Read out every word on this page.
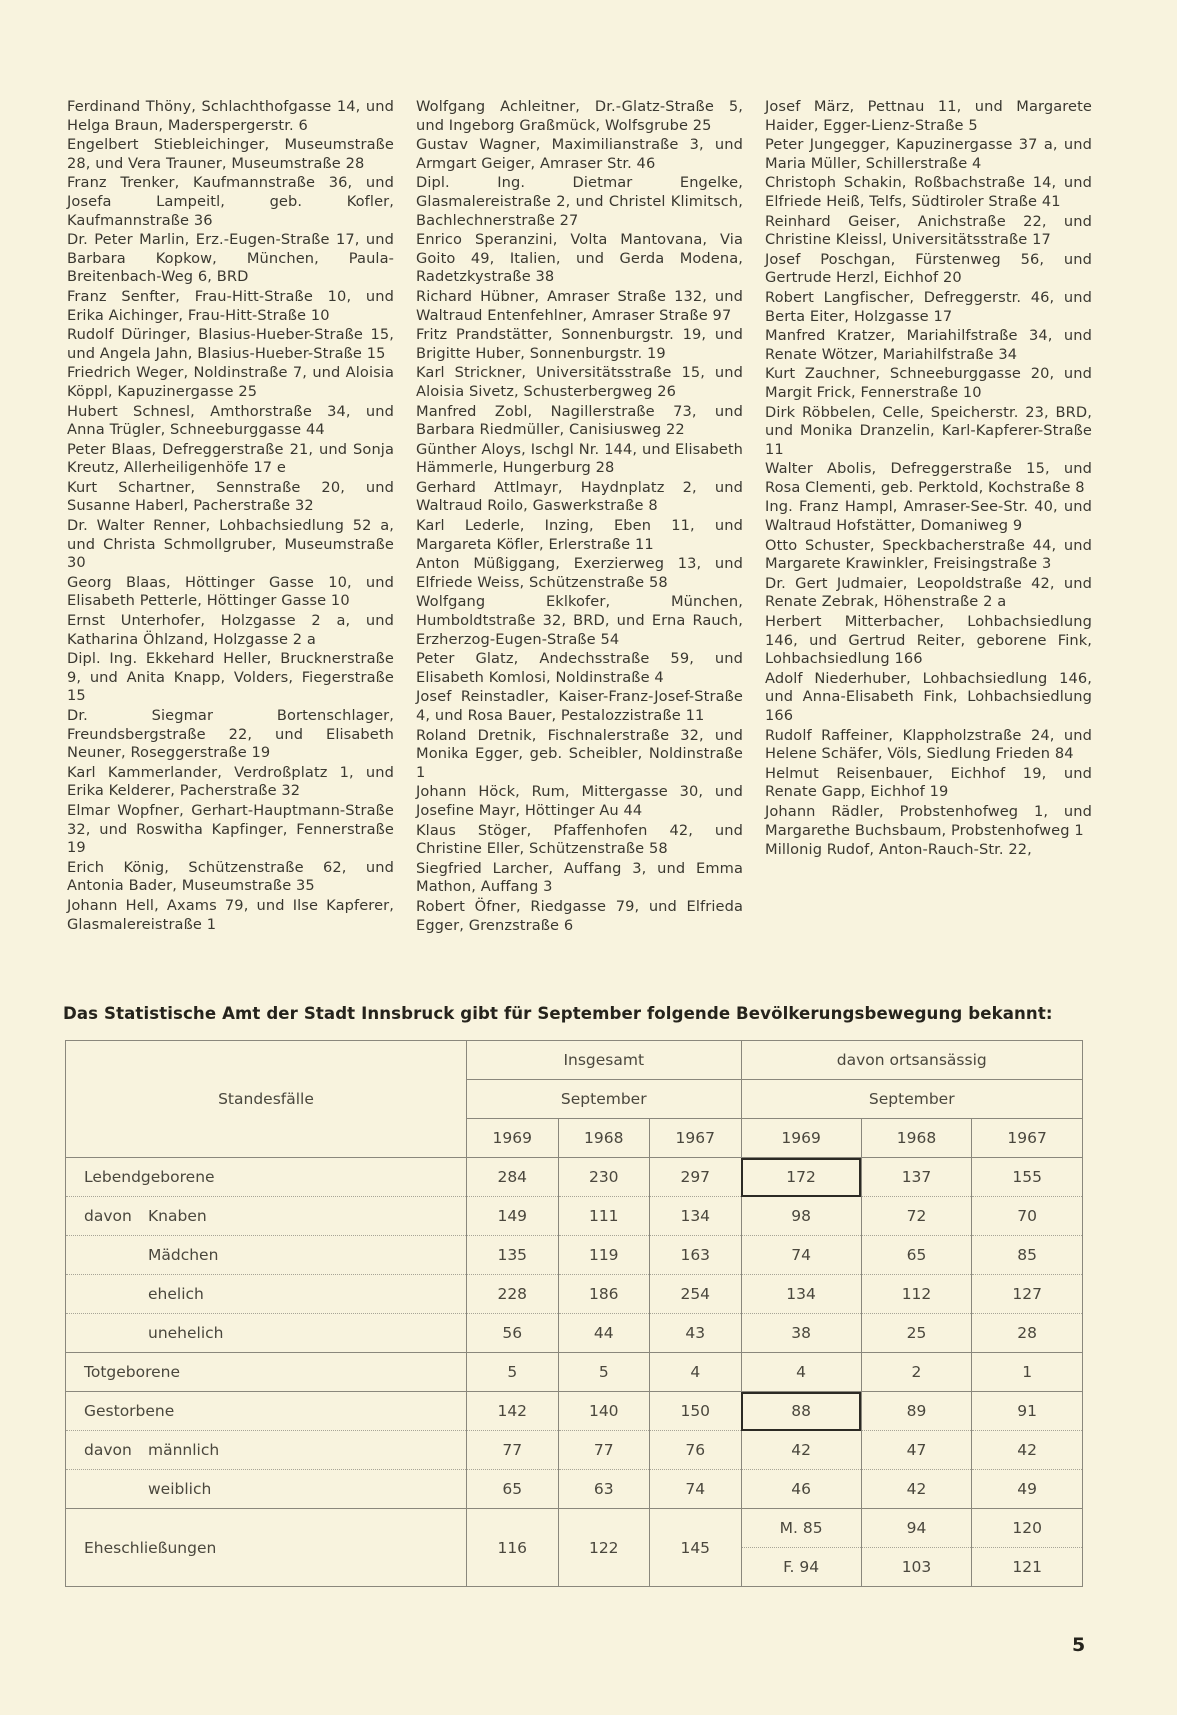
Ferdinand Thöny, Schlachthofgasse 14, und Helga Braun, Maderspergerstr. 6

Engelbert Stiebleichinger, Museumstraße 28, und Vera Trauner, Museumstraße 28

Franz Trenker, Kaufmannstraße 36, und Josefa Lampeitl, geb. Kofler, Kaufmannstraße 36

Dr. Peter Marlin, Erz.-Eugen-Straße 17, und Barbara Kopkow, München, Paula-Breitenbach-Weg 6, BRD

Franz Senfter, Frau-Hitt-Straße 10, und Erika Aichinger, Frau-Hitt-Straße 10

Rudolf Düringer, Blasius-Hueber-Straße 15, und Angela Jahn, Blasius-Hueber-Straße 15

Friedrich Weger, Noldinstraße 7, und Aloisia Köppl, Kapuzinergasse 25

Hubert Schnesl, Amthorstraße 34, und Anna Trügler, Schneeburggasse 44

Peter Blaas, Defreggerstraße 21, und Sonja Kreutz, Allerheiligenhöfe 17 e

Kurt Schartner, Sennstraße 20, und Susanne Haberl, Pacherstraße 32

Dr. Walter Renner, Lohbachsiedlung 52 a, und Christa Schmollgruber, Museumstraße 30

Georg Blaas, Höttinger Gasse 10, und Elisabeth Petterle, Höttinger Gasse 10

Ernst Unterhofer, Holzgasse 2 a, und Katharina Öhlzand, Holzgasse 2 a

Dipl. Ing. Ekkehard Heller, Brucknerstraße 9, und Anita Knapp, Volders, Fiegerstraße 15

Dr. Siegmar Bortenschlager, Freundsbergstraße 22, und Elisabeth Neuner, Roseggerstraße 19

Karl Kammerlander, Verdroßplatz 1, und Erika Kelderer, Pacherstraße 32

Elmar Wopfner, Gerhart-Hauptmann-Straße 32, und Roswitha Kapfinger, Fennerstraße 19

Erich König, Schützenstraße 62, und Antonia Bader, Museumstraße 35

Johann Hell, Axams 79, und Ilse Kapferer, Glasmalereistraße 1

Wolfgang Achleitner, Dr.-Glatz-Straße 5, und Ingeborg Graßmück, Wolfsgrube 25

Gustav Wagner, Maximilianstraße 3, und Armgart Geiger, Amraser Str. 46

Dipl. Ing. Dietmar Engelke, Glasmalereistraße 2, und Christel Klimitsch, Bachlechnerstraße 27

Enrico Speranzini, Volta Mantovana, Via Goito 49, Italien, und Gerda Modena, Radetzkystraße 38

Richard Hübner, Amraser Straße 132, und Waltraud Entenfehlner, Amraser Straße 97

Fritz Prandstätter, Sonnenburgstr. 19, und Brigitte Huber, Sonnenburgstr. 19

Karl Strickner, Universitätsstraße 15, und Aloisia Sivetz, Schusterbergweg 26

Manfred Zobl, Nagillerstraße 73, und Barbara Riedmüller, Canisiusweg 22

Günther Aloys, Ischgl Nr. 144, und Elisabeth Hämmerle, Hungerburg 28

Gerhard Attlmayr, Haydnplatz 2, und Waltraud Roilo, Gaswerkstraße 8

Karl Lederle, Inzing, Eben 11, und Margareta Köfler, Erlerstraße 11

Anton Müßiggang, Exerzierweg 13, und Elfriede Weiss, Schützenstraße 58

Wolfgang Eklkofer, München, Humboldtstraße 32, BRD, und Erna Rauch, Erzherzog-Eugen-Straße 54

Peter Glatz, Andechsstraße 59, und Elisabeth Komlosi, Noldinstraße 4

Josef Reinstadler, Kaiser-Franz-Josef-Straße 4, und Rosa Bauer, Pestalozzistraße 11

Roland Dretnik, Fischnalerstraße 32, und Monika Egger, geb. Scheibler, Noldinstraße 1

Johann Höck, Rum, Mittergasse 30, und Josefine Mayr, Höttinger Au 44

Klaus Stöger, Pfaffenhofen 42, und Christine Eller, Schützenstraße 58

Siegfried Larcher, Auffang 3, und Emma Mathon, Auffang 3

Robert Öfner, Riedgasse 79, und Elfrieda Egger, Grenzstraße 6

Josef März, Pettnau 11, und Margarete Haider, Egger-Lienz-Straße 5

Peter Jungegger, Kapuzinergasse 37 a, und Maria Müller, Schillerstraße 4

Christoph Schakin, Roßbachstraße 14, und Elfriede Heiß, Telfs, Südtiroler Straße 41

Reinhard Geiser, Anichstraße 22, und Christine Kleissl, Universitätsstraße 17

Josef Poschgan, Fürstenweg 56, und Gertrude Herzl, Eichhof 20

Robert Langfischer, Defreggerstr. 46, und Berta Eiter, Holzgasse 17

Manfred Kratzer, Mariahilfstraße 34, und Renate Wötzer, Mariahilfstraße 34

Kurt Zauchner, Schneeburggasse 20, und Margit Frick, Fennerstraße 10

Dirk Röbbelen, Celle, Speicherstr. 23, BRD, und Monika Dranzelin, Karl-Kapferer-Straße 11

Walter Abolis, Defreggerstraße 15, und Rosa Clementi, geb. Perktold, Kochstraße 8

Ing. Franz Hampl, Amraser-See-Str. 40, und Waltraud Hofstätter, Domaniweg 9

Otto Schuster, Speckbacherstraße 44, und Margarete Krawinkler, Freisingstraße 3

Dr. Gert Judmaier, Leopoldstraße 42, und Renate Zebrak, Höhenstraße 2 a

Herbert Mitterbacher, Lohbachsiedlung 146, und Gertrud Reiter, geborene Fink, Lohbachsiedlung 166

Adolf Niederhuber, Lohbachsiedlung 146, und Anna-Elisabeth Fink, Lohbachsiedlung 166

Rudolf Raffeiner, Klappholzstraße 24, und Helene Schäfer, Völs, Siedlung Frieden 84

Helmut Reisenbauer, Eichhof 19, und Renate Gapp, Eichhof 19

Johann Rädler, Probstenhofweg 1, und Margarethe Buchsbaum, Probstenhofweg 1

Millonig Rudof, Anton-Rauch-Str. 22,

Das Statistische Amt der Stadt Innsbruck gibt für September folgende Bevölkerungsbewegung bekannt:
Standesfälle	Insgesamt			davon ortsansässig		
	September			September		
	1969	1968	1967	1969	1968	1967
Lebendgeborene	284	230	297	172	137	155
davon Knaben	149	111	134	98	72	70
Mädchen	135	119	163	74	65	85
ehelich	228	186	254	134	112	127
unehelich	56	44	43	38	25	28
Totgeborene	5	5	4	4	2	1
Gestorbene	142	140	150	88	89	91
davon männlich	77	77	76	42	47	42
weiblich	65	63	74	46	42	49
Eheschließungen	116	122	145	M. 85	94	120
				F. 94	103	121
5
